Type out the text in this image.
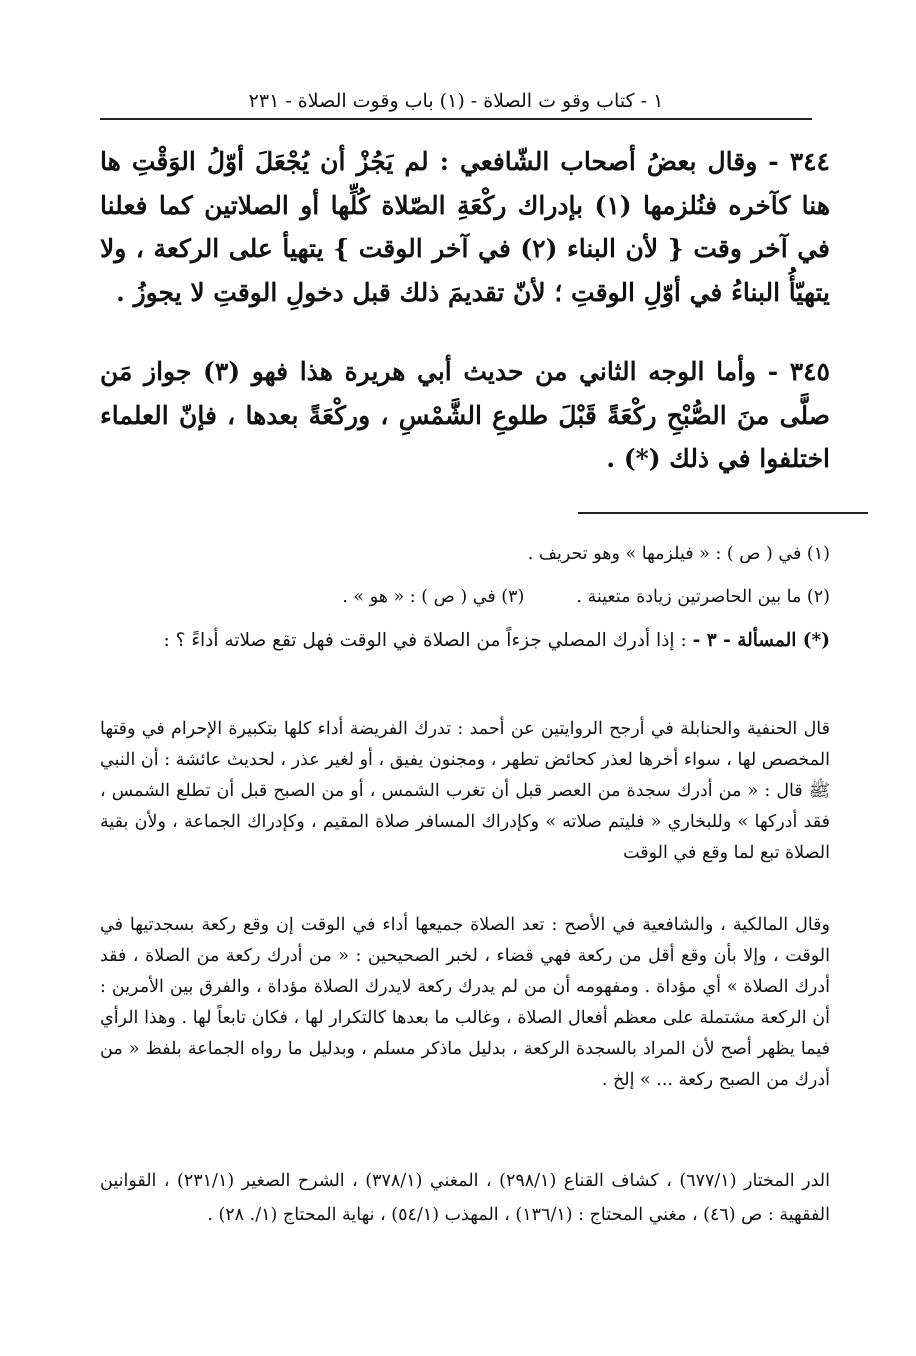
١ - كتاب وقو ت الصلاة - (١) باب وقوت الصلاة - ٢٣١

٣٤٤ - وقال بعضُ أصحاب الشّافعي : لم يَجُزْ أن يُجْعَلَ أوّلُ الوَقْتِ ها هنا كآخره فنُلزمها (١) بإدراك ركْعَةِ الصّلاة كُلِّها أو الصلاتين كما فعلنا في آخر وقت { لأن البناء (٢) في آخر الوقت } يتهيأ على الركعة ، ولا يتهيّأُ البناءُ في أوّلِ الوقتِ ؛ لأنّ تقديمَ ذلك قبل دخولِ الوقتِ لا يجوزُ .

٣٤٥ - وأما الوجه الثاني من حديث أبي هريرة هذا فهو (٣) جواز مَن صلَّى منَ الصُّبْحِ ركْعَةً قَبْلَ طلوعِ الشَّمْسِ ، وركْعَةً بعدها ، فإنّ العلماء اختلفوا في ذلك (*) .

(١) في ( ص ) : « فيلزمها » وهو تحريف .

(٢) ما بين الحاصرتين زيادة متعينة .(٣) في ( ص ) : « هو » .

(*) المسألة - ٣ - : إذا أدرك المصلي جزءاً من الصلاة في الوقت فهل تقع صلاته أداءً ؟ :

قال الحنفية والحنابلة في أرجح الروايتين عن أحمد : تدرك الفريضة أداء كلها بتكبيرة الإحرام في وقتها المخصص لها ، سواء أخرها لعذر كحائض تطهر ، ومجنون يفيق ، أو لغير عذر ، لحديث عائشة : أن النبي ﷺ قال : « من أدرك سجدة من العصر قبل أن تغرب الشمس ، أو من الصبح قبل أن تطلع الشمس ، فقد أدركها » وللبخاري « فليتم صلاته » وكإدراك المسافر صلاة المقيم ، وكإدراك الجماعة ، ولأن بقية الصلاة تبع لما وقع في الوقت

وقال المالكية ، والشافعية في الأصح : تعد الصلاة جميعها أداء في الوقت إن وقع ركعة بسجدتيها في الوقت ، وإلا بأن وقع أقل من ركعة فهي قضاء ، لخبر الصحيحين : « من أدرك ركعة من الصلاة ، فقد أدرك الصلاة » أي مؤداة . ومفهومه أن من لم يدرك ركعة لايدرك الصلاة مؤداة ، والفرق بين الأمرين : أن الركعة مشتملة على معظم أفعال الصلاة ، وغالب ما بعدها كالتكرار لها ، فكان تابعاً لها . وهذا الرأي فيما يظهر أصح لأن المراد بالسجدة الركعة ، بدليل ماذكر مسلم ، وبدليل ما رواه الجماعة بلفظ « من أدرك من الصبح ركعة ... » إلخ .

الدر المختار (٦٧٧/١) ، كشاف القناع (٢٩٨/١) ، المغني (٣٧٨/١) ، الشرح الصغير (٢٣١/١) ، القوانين الفقهية : ص (٤٦) ، مغني المحتاج : (١٣٦/١) ، المهذب (٥٤/١) ، نهاية المحتاج (١/. ٢٨) .
